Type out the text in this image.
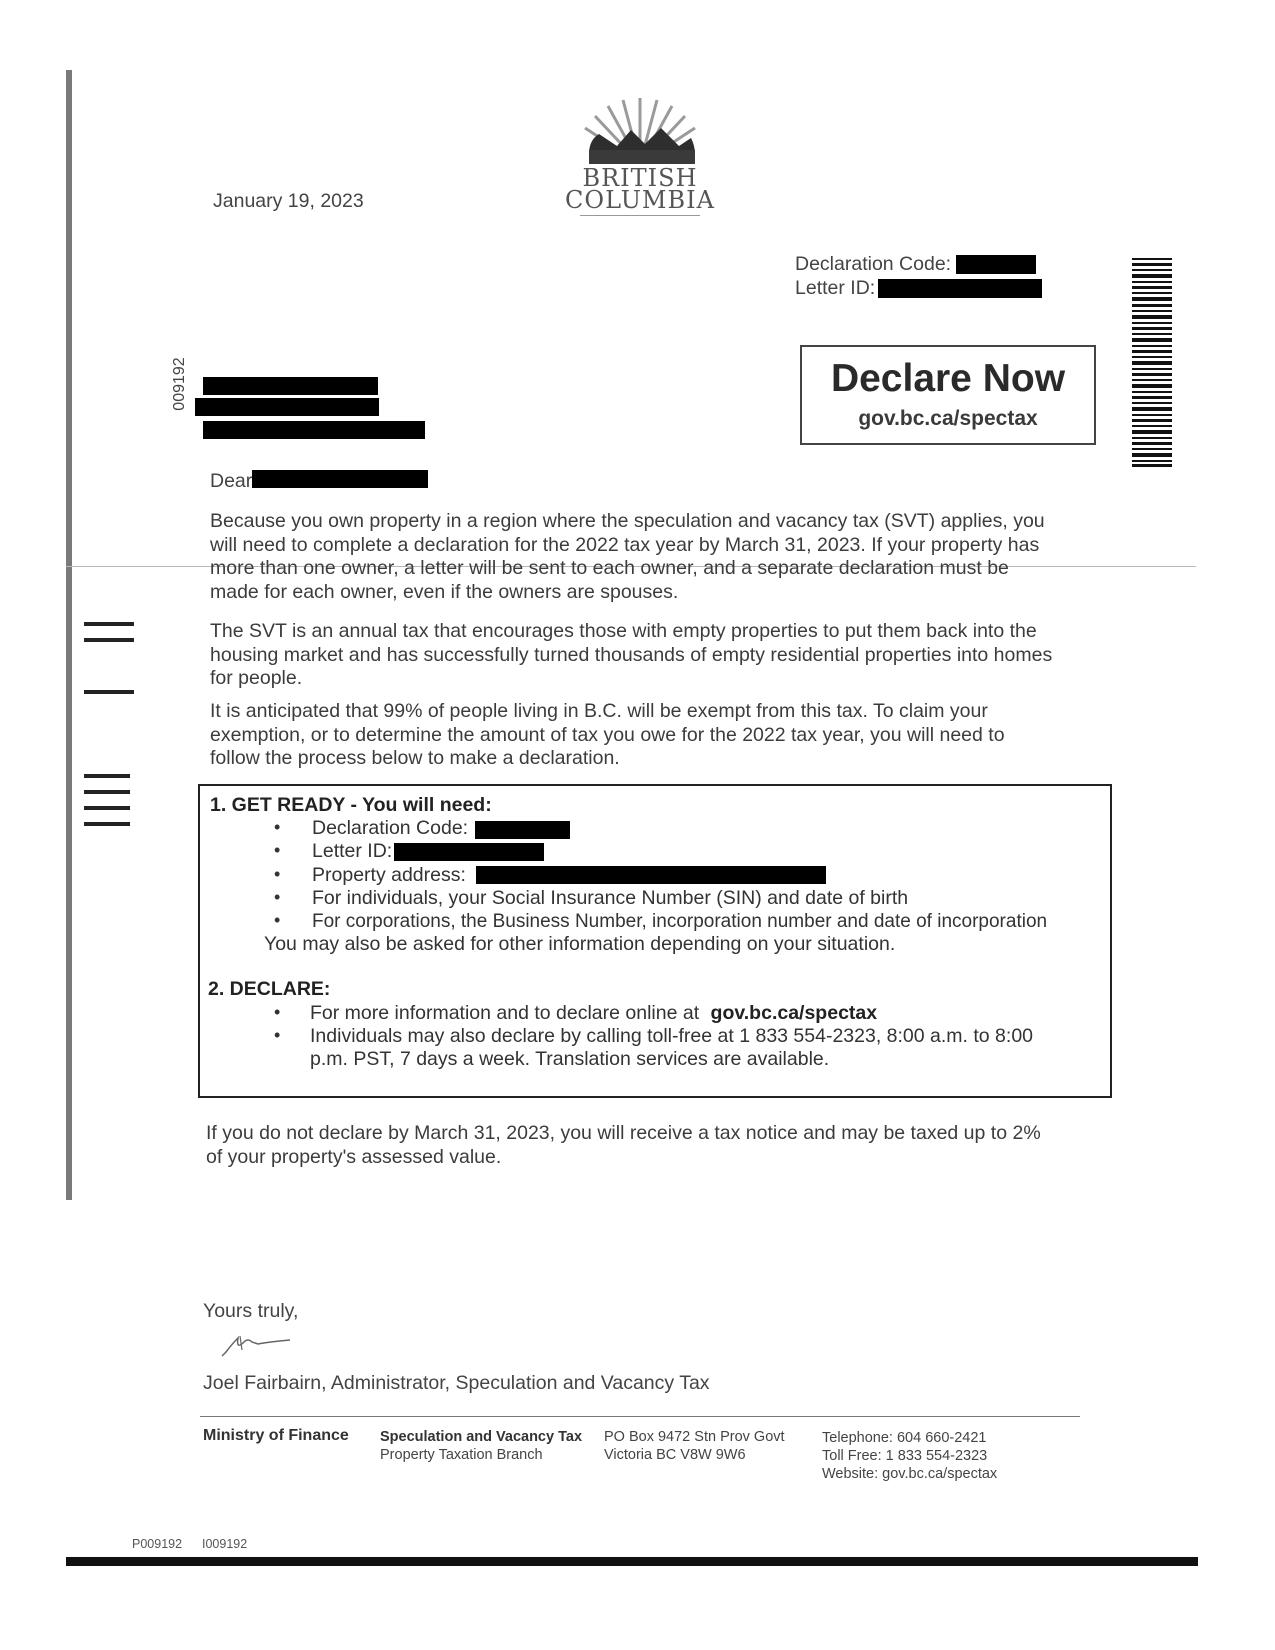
BRITISH
COLUMBIA
January 19, 2023
Declaration Code:
Letter ID:
009192	Declare Now
gov.bc.ca/spectax
Dear

Because you own property in a region where the speculation and vacancy tax (SVT) applies, you will need to complete a declaration for the 2022 tax year by March 31, 2023. If your property has more than one owner, a letter will be sent to each owner, and a separate declaration must be made for each owner, even if the owners are spouses.

The SVT is an annual tax that encourages those with empty properties to put them back into the housing market and has successfully turned thousands of empty residential properties into homes for people.

It is anticipated that 99% of people living in B.C. will be exempt from this tax. To claim your exemption, or to determine the amount of tax you owe for the 2022 tax year, you will need to follow the process below to make a declaration.

1. GET READY - You will need:
• Declaration Code:
• Letter ID:
• Property address:
• For individuals, your Social Insurance Number (SIN) and date of birth
• For corporations, the Business Number, incorporation number and date of incorporation
You may also be asked for other information depending on your situation.
2. DECLARE:
• For more information and to declare online at gov.bc.ca/spectax
• Individuals may also declare by calling toll-free at 1 833 554-2323, 8:00 a.m. to 8:00
p.m. PST, 7 days a week. Translation services are available.

If you do not declare by March 31, 2023, you will receive a tax notice and may be taxed up to 2% of your property's assessed value.

Yours truly,
Joel Fairbairn, Administrator, Speculation and Vacancy Tax
Ministry of Finance Speculation and Vacancy Tax
Property Taxation Branch
PO Box 9472 Stn Prov Govt
Victoria BC V8W 9W6
Telephone: 604 660-2421
Toll Free: 1 833 554-2323
Website: gov.bc.ca/spectax
P009192 I009192
